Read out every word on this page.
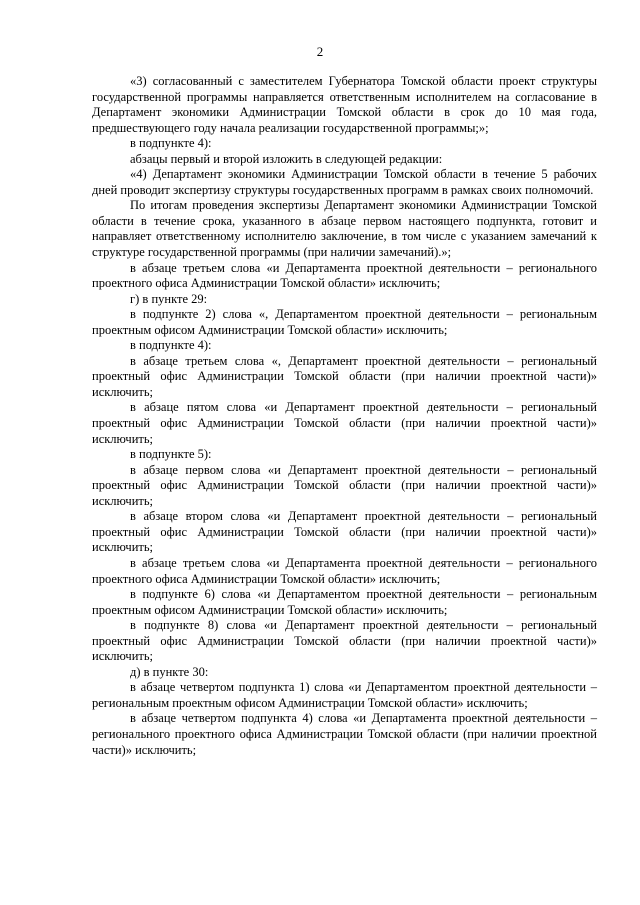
2

«3) согласованный с заместителем Губернатора Томской области проект структуры государственной программы направляется ответственным исполнителем на согласование в Департамент экономики Администрации Томской области в срок до 10 мая года, предшествующего году начала реализации государственной программы;»;

в подпункте 4):

абзацы первый и второй изложить в следующей редакции:

«4) Департамент экономики Администрации Томской области в течение 5 рабочих дней проводит экспертизу структуры государственных программ в рамках своих полномочий.

По итогам проведения экспертизы Департамент экономики Администрации Томской области в течение срока, указанного в абзаце первом настоящего подпункта, готовит и направляет ответственному исполнителю заключение, в том числе с указанием замечаний к структуре государственной программы (при наличии замечаний).»;

в абзаце третьем слова «и Департамента проектной деятельности – регионального проектного офиса Администрации Томской области» исключить;

г) в пункте 29:

в подпункте 2) слова «, Департаментом проектной деятельности – региональным проектным офисом Администрации Томской области» исключить;

в подпункте 4):

в абзаце третьем слова «, Департамент проектной деятельности – региональный проектный офис Администрации Томской области (при наличии проектной части)» исключить;

в абзаце пятом слова «и Департамент проектной деятельности – региональный проектный офис Администрации Томской области (при наличии проектной части)» исключить;

в подпункте 5):

в абзаце первом слова «и Департамент проектной деятельности – региональный проектный офис Администрации Томской области (при наличии проектной части)» исключить;

в абзаце втором слова «и Департамент проектной деятельности – региональный проектный офис Администрации Томской области (при наличии проектной части)» исключить;

в абзаце третьем слова «и Департамента проектной деятельности – регионального проектного офиса Администрации Томской области» исключить;

в подпункте 6) слова «и Департаментом проектной деятельности – региональным проектным офисом Администрации Томской области» исключить;

в подпункте 8) слова «и Департамент проектной деятельности – региональный проектный офис Администрации Томской области (при наличии проектной части)» исключить;

д) в пункте 30:

в абзаце четвертом подпункта 1) слова «и Департаментом проектной деятельности – региональным проектным офисом Администрации Томской области» исключить;

в абзаце четвертом подпункта 4) слова «и Департамента проектной деятельности – регионального проектного офиса Администрации Томской области (при наличии проектной части)» исключить;
